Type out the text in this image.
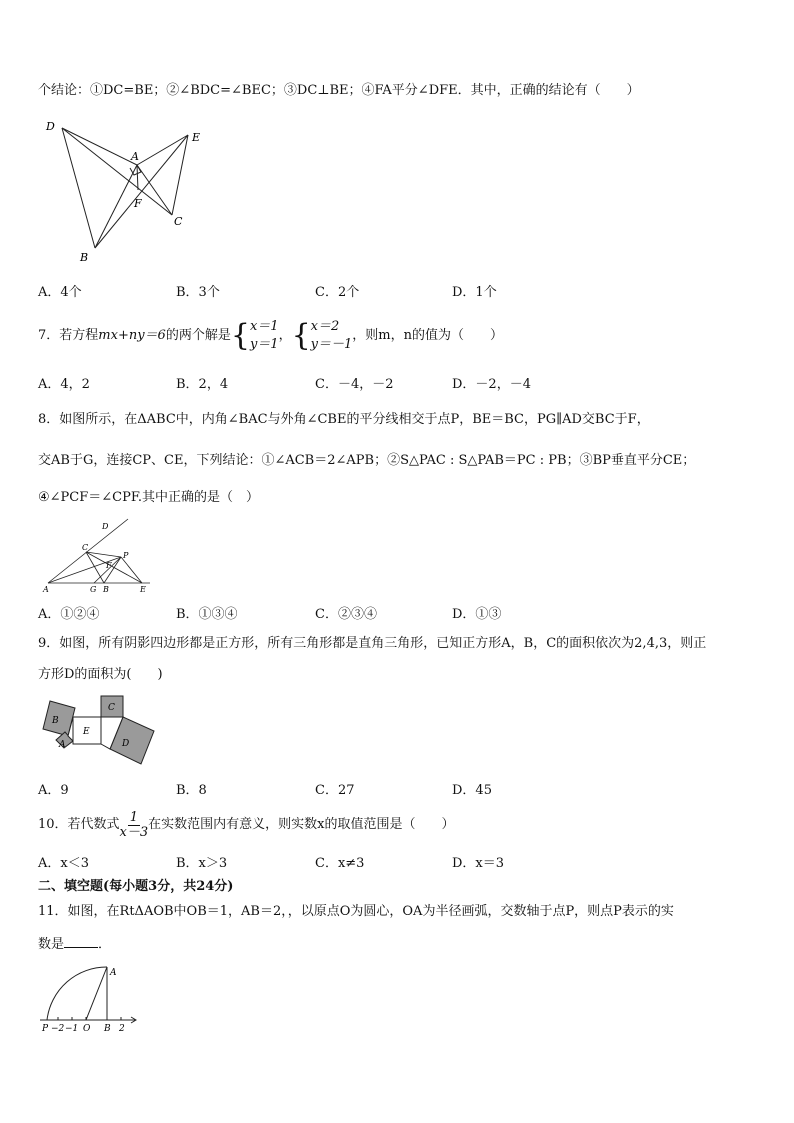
个结论：①DC=BE；②∠BDC=∠BEC；③DC⊥BE；④FA平分∠DFE．其中，正确的结论有（　　）
D
E
A
F
C
B
A．4个	B．3个	C．2个	D．1个
7．若方程mx+ny＝6的两个解是{x＝1
y＝1，{x＝2
y＝－1，则m，n的值为（　　）
A．4，2	B．2，4	C．－4，－2	D．－2，－4
8．如图所示，在ΔABC中，内角∠BAC与外角∠CBE的平分线相交于点P，BE＝BC，PG∥AD交BC于F，
交AB于G，连接CP、CE，下列结论：①∠ACB＝2∠APB；②S△PAC : S△PAB＝PC : PB；③BP垂直平分CE；
④∠PCF＝∠CPF.其中正确的是（　）
D
C
P
F
A	G B	E
A．①②④	B．①③④	C．②③④	D．①③
9．如图，所有阴影四边形都是正方形，所有三角形都是直角三角形，已知正方形A，B，C的面积依次为2,4,3，则正
方形D的面积为(　　)
B
C
E
D
A
A．9	B．8	C．27	D．45
10．若代数式$\frac{1}{x-3}$在实数范围内有意义，则实数x的取值范围是（　　）
A．x＜3	B．x＞3	C．x≠3	D．x＝3
二、填空题(每小题3分，共24分)
11．如图，在RtΔAOB中OB＝1，AB＝2，，以原点O为圆心，OA为半径画弧，交数轴于点P，则点P表示的实
数是	．
A
P −2 −1 O B 2
